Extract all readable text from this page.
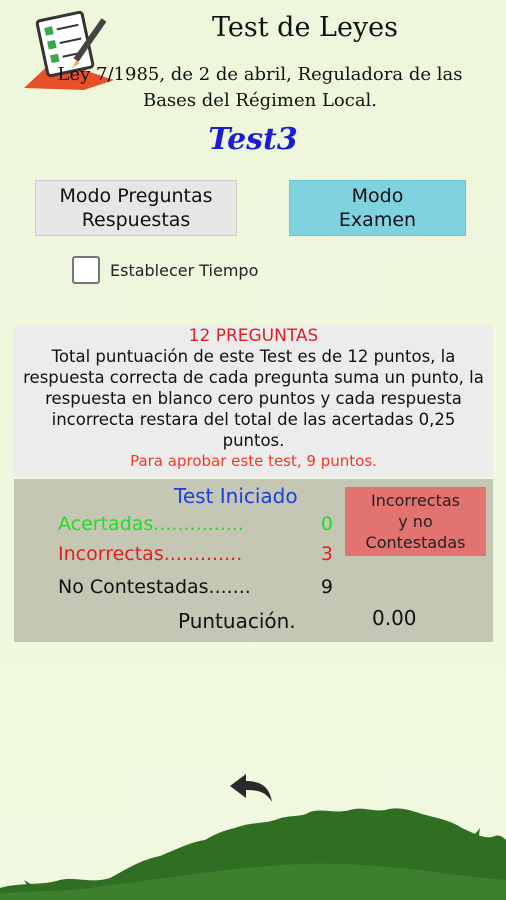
Test de Leyes
Ley 7/1985, de 2 de abril, Reguladora de las Bases del Régimen Local.
Test3
Modo Preguntas
Respuestas
Modo
Examen
Establecer Tiempo
12 PREGUNTAS
Total puntuación de este Test es de 12 puntos, la respuesta correcta de cada pregunta suma un punto, la respuesta en blanco cero puntos y cada respuesta incorrecta restara del total de las acertadas 0,25 puntos.
Para aprobar este test, 9 puntos.
Test Iniciado
Acertadas...............	0
Incorrectas.............	3
No Contestadas.......	9
Incorrectas
y no
Contestadas
Puntuación.	0.00
